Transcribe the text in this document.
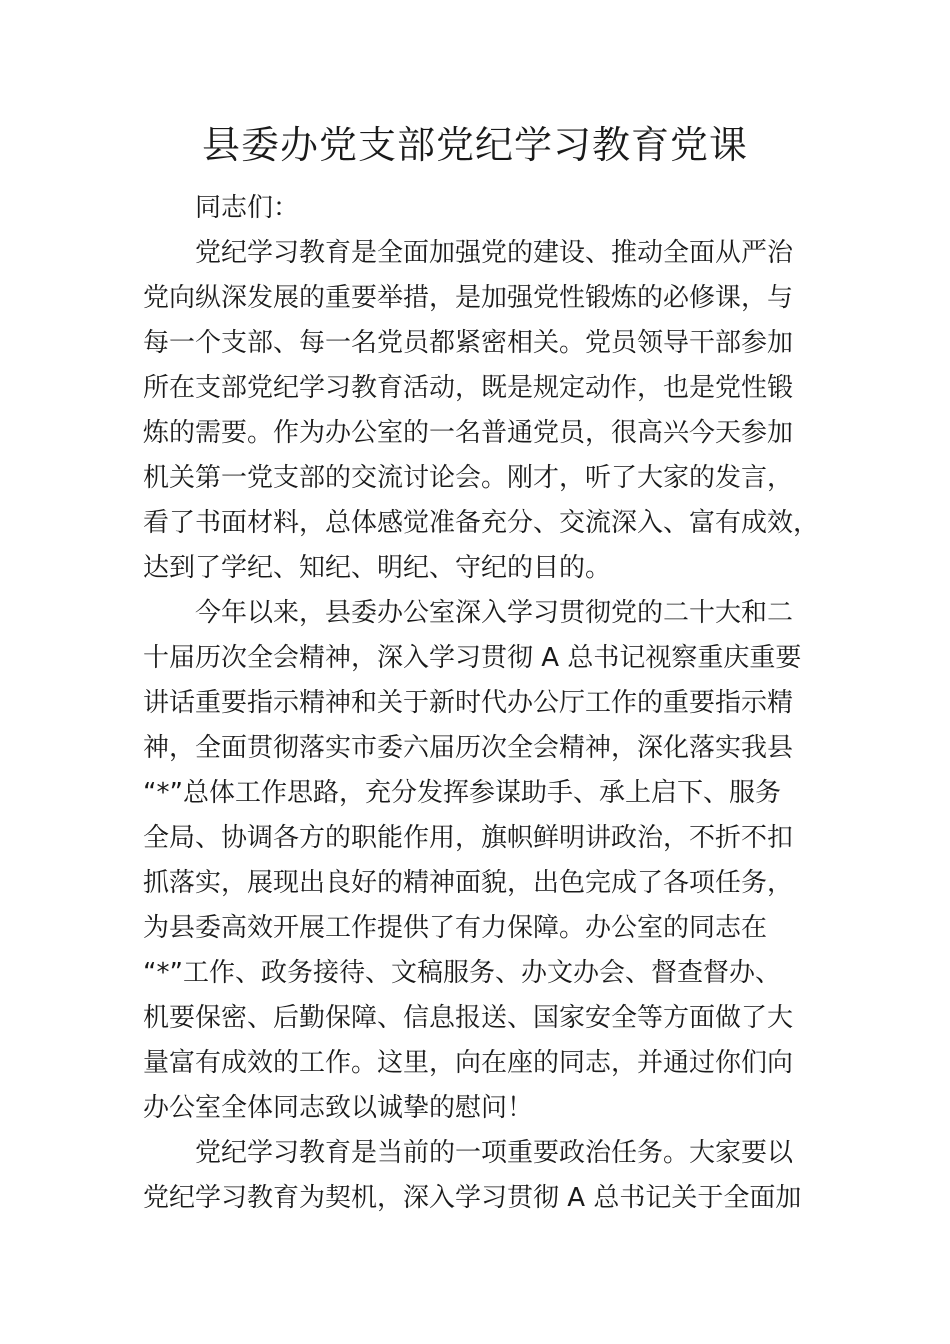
县委办党支部党纪学习教育党课
同志们：
党纪学习教育是全面加强党的建设、推动全面从严治
党向纵深发展的重要举措，是加强党性锻炼的必修课，与
每一个支部、每一名党员都紧密相关。党员领导干部参加
所在支部党纪学习教育活动，既是规定动作，也是党性锻
炼的需要。作为办公室的一名普通党员，很高兴今天参加
机关第一党支部的交流讨论会。刚才，听了大家的发言，
看了书面材料，总体感觉准备充分、交流深入、富有成效，
达到了学纪、知纪、明纪、守纪的目的。
今年以来，县委办公室深入学习贯彻党的二十大和二
十届历次全会精神，深入学习贯彻 A 总书记视察重庆重要
讲话重要指示精神和关于新时代办公厅工作的重要指示精
神，全面贯彻落实市委六届历次全会精神，深化落实我县
“*”总体工作思路，充分发挥参谋助手、承上启下、服务
全局、协调各方的职能作用，旗帜鲜明讲政治，不折不扣
抓落实，展现出良好的精神面貌，出色完成了各项任务，
为县委高效开展工作提供了有力保障。办公室的同志在
“*”工作、政务接待、文稿服务、办文办会、督查督办、
机要保密、后勤保障、信息报送、国家安全等方面做了大
量富有成效的工作。这里，向在座的同志，并通过你们向
办公室全体同志致以诚挚的慰问！
党纪学习教育是当前的一项重要政治任务。大家要以
党纪学习教育为契机，深入学习贯彻 A 总书记关于全面加
